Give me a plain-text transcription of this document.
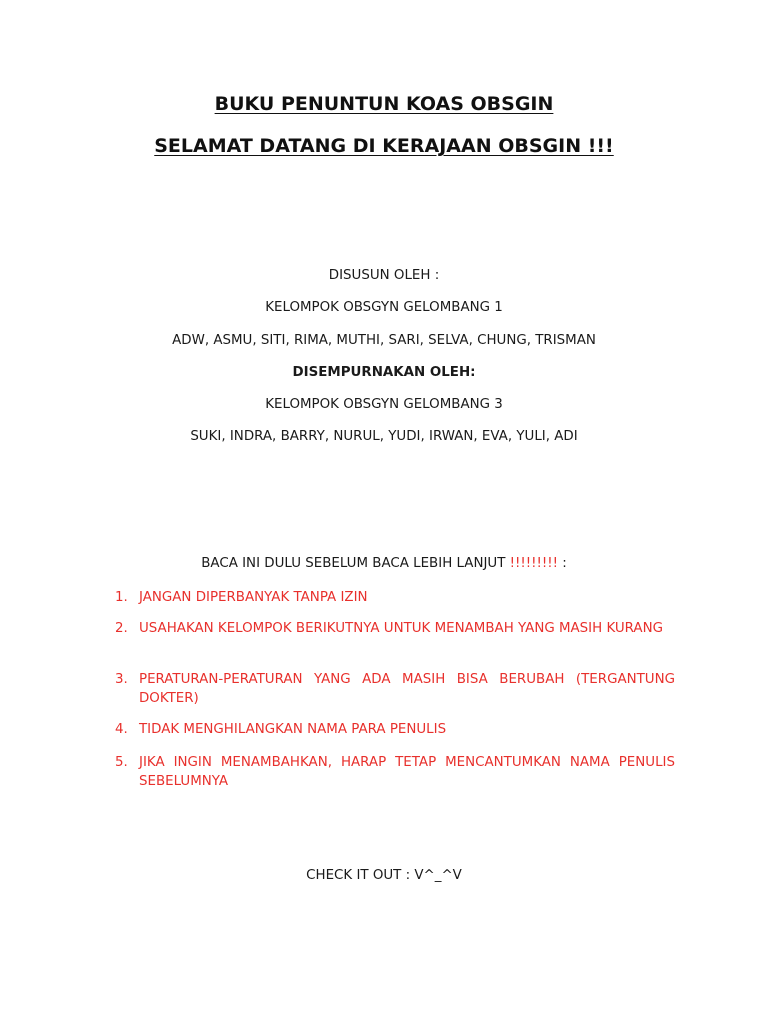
BUKU PENUNTUN KOAS OBSGIN
SELAMAT DATANG DI KERAJAAN OBSGIN !!!

DISUSUN OLEH :

KELOMPOK OBSGYN GELOMBANG 1

ADW, ASMU, SITI, RIMA, MUTHI, SARI, SELVA, CHUNG, TRISMAN

DISEMPURNAKAN OLEH:

KELOMPOK OBSGYN GELOMBANG 3

SUKI, INDRA, BARRY, NURUL, YUDI, IRWAN, EVA, YULI, ADI

BACA INI DULU SEBELUM BACA LEBIH LANJUT !!!!!!!!! :

1. JANGAN DIPERBANYAK TANPA IZIN
2. USAHAKAN KELOMPOK BERIKUTNYA UNTUK MENAMBAH YANG MASIH KURANG
3. PERATURAN-PERATURAN YANG ADA MASIH BISA BERUBAH (TERGANTUNG DOKTER)
4. TIDAK MENGHILANGKAN NAMA PARA PENULIS
5. JIKA INGIN MENAMBAHKAN, HARAP TETAP MENCANTUMKAN NAMA PENULIS SEBELUMNYA

CHECK IT OUT : V^_^V
